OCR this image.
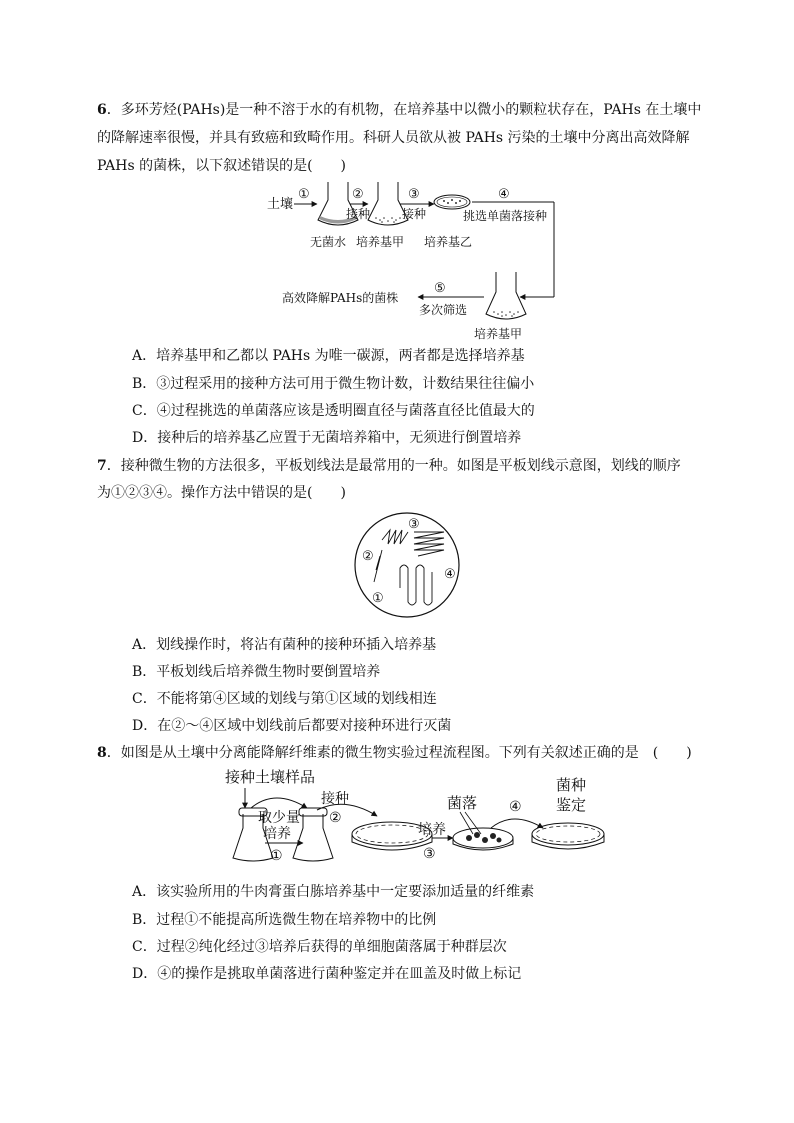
6．多环芳烃(PAHs)是一种不溶于水的有机物，在培养基中以微小的颗粒状存在，PAHs 在土壤中
的降解速率很慢，并具有致癌和致畸作用。科研人员欲从被 PAHs 污染的土壤中分离出高效降解
PAHs 的菌株，以下叙述错误的是(　　)
土壤
①	②
接种
③
接种
④
挑选单菌落接种
无菌水 培养基甲 培养基乙
培养基甲
⑤
多次筛选
高效降解PAHs的菌株
A．培养基甲和乙都以 PAHs 为唯一碳源，两者都是选择培养基
B．③过程采用的接种方法可用于微生物计数，计数结果往往偏小
C．④过程挑选的单菌落应该是透明圈直径与菌落直径比值最大的
D．接种后的培养基乙应置于无菌培养箱中，无须进行倒置培养
7．接种微生物的方法很多，平板划线法是最常用的一种。如图是平板划线示意图，划线的顺序
为①②③④。操作方法中错误的是(　　)
②
③
④
①
A．划线操作时，将沾有菌种的接种环插入培养基
B．平板划线后培养微生物时要倒置培养
C．不能将第④区域的划线与第①区域的划线相连
D．在②～④区域中划线前后都要对接种环进行灭菌
8．如图是从土壤中分离能降解纤维素的微生物实验过程流程图。下列有关叙述正确的是　(　　)
接种土壤样品
取少量
培养
①
接种
②
培养
③
菌落 ④
菌种
鉴定
A．该实验所用的牛肉膏蛋白胨培养基中一定要添加适量的纤维素
B．过程①不能提高所选微生物在培养物中的比例
C．过程②纯化经过③培养后获得的单细胞菌落属于种群层次
D．④的操作是挑取单菌落进行菌种鉴定并在皿盖及时做上标记
